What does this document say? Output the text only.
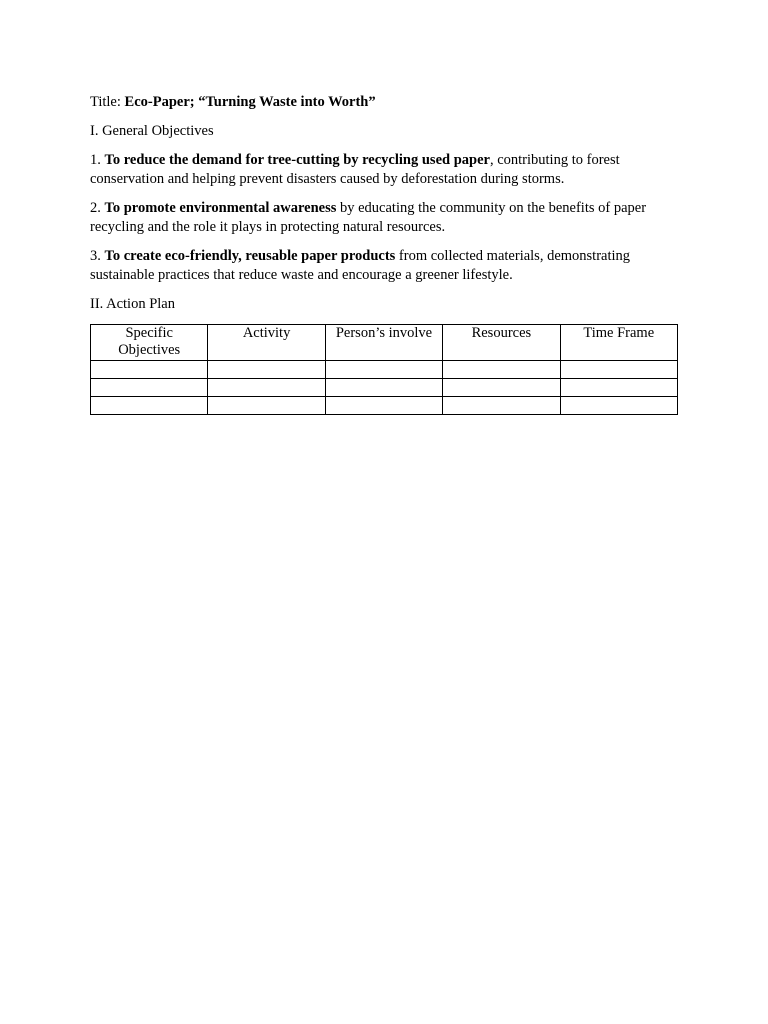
Title: Eco-Paper; “Turning Waste into Worth”

I. General Objectives

1. To reduce the demand for tree-cutting by recycling used paper, contributing to forest conservation and helping prevent disasters caused by deforestation during storms.

2. To promote environmental awareness by educating the community on the benefits of paper recycling and the role it plays in protecting natural resources.

3. To create eco-friendly, reusable paper products from collected materials, demonstrating sustainable practices that reduce waste and encourage a greener lifestyle.

II. Action Plan

Specific Objectives	Activity	Person’s involve	Resources	Time Frame
